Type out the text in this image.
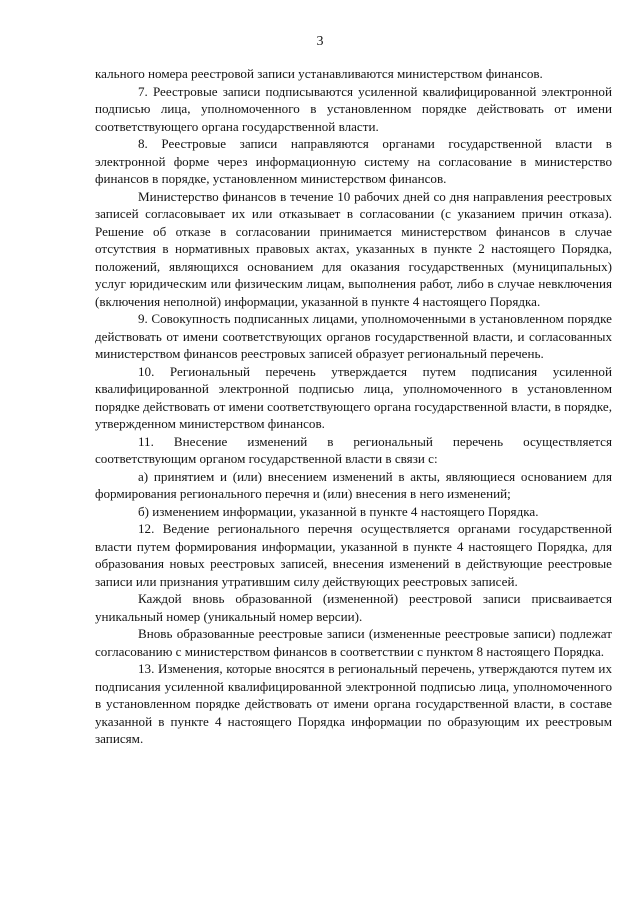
3

кального номера реестровой записи устанавливаются министерством финансов.

7. Реестровые записи подписываются усиленной квалифицированной электронной подписью лица, уполномоченного в установленном порядке действовать от имени соответствующего органа государственной власти.

8. Реестровые записи направляются органами государственной власти в электронной форме через информационную систему на согласование в министерство финансов в порядке, установленном министерством финансов.

Министерство финансов в течение 10 рабочих дней со дня направления реестровых записей согласовывает их или отказывает в согласовании (с указанием причин отказа). Решение об отказе в согласовании принимается министерством финансов в случае отсутствия в нормативных правовых актах, указанных в пункте 2 настоящего Порядка, положений, являющихся основанием для оказания государственных (муниципальных) услуг юридическим или физическим лицам, выполнения работ, либо в случае невключения (включения неполной) информации, указанной в пункте 4 настоящего Порядка.

9. Совокупность подписанных лицами, уполномоченными в установленном порядке действовать от имени соответствующих органов государственной власти, и согласованных министерством финансов реестровых записей образует региональный перечень.

10. Региональный перечень утверждается путем подписания усиленной квалифицированной электронной подписью лица, уполномоченного в установленном порядке действовать от имени соответствующего органа государственной власти, в порядке, утвержденном министерством финансов.

11. Внесение изменений в региональный перечень осуществляется соответствующим органом государственной власти в связи с:

а) принятием и (или) внесением изменений в акты, являющиеся основанием для формирования регионального перечня и (или) внесения в него изменений;

б) изменением информации, указанной в пункте 4 настоящего Порядка.

12. Ведение регионального перечня осуществляется органами государственной власти путем формирования информации, указанной в пункте 4 настоящего Порядка, для образования новых реестровых записей, внесения изменений в действующие реестровые записи или признания утратившим силу действующих реестровых записей.

Каждой вновь образованной (измененной) реестровой записи присваивается уникальный номер (уникальный номер версии).

Вновь образованные реестровые записи (измененные реестровые записи) подлежат согласованию с министерством финансов в соответствии с пунктом 8 настоящего Порядка.

13. Изменения, которые вносятся в региональный перечень, утверждаются путем их подписания усиленной квалифицированной электронной подписью лица, уполномоченного в установленном порядке действовать от имени органа государственной власти, в составе указанной в пункте 4 настоящего Порядка информации по образующим их реестровым записям.
